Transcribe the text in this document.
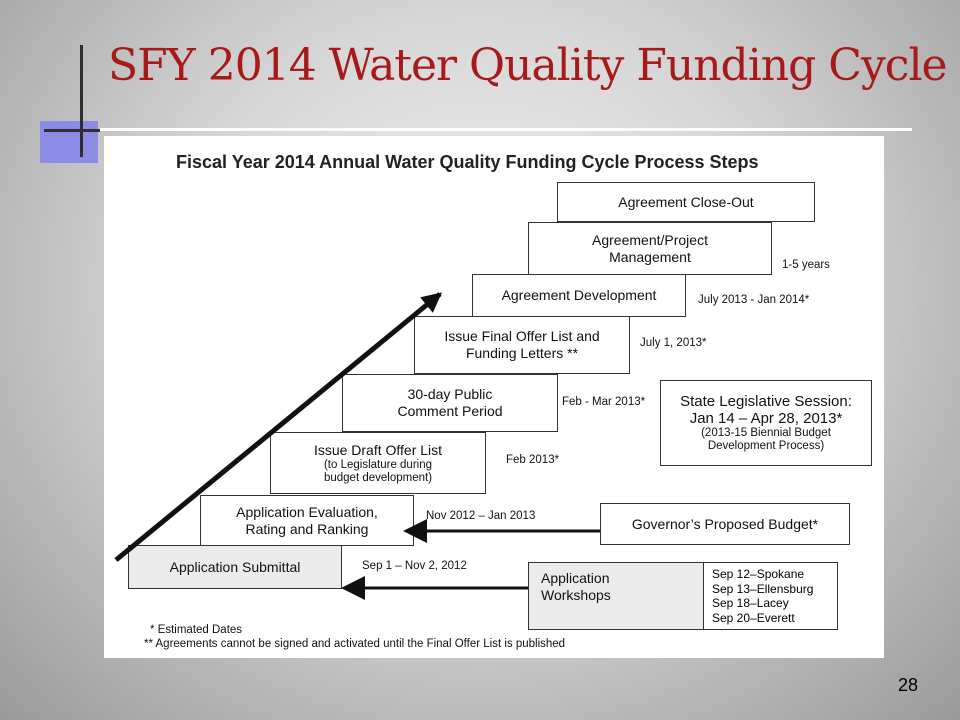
SFY 2014 Water Quality Funding Cycle
Fiscal Year 2014 Annual Water Quality Funding Cycle Process Steps
Application Submittal
Application Evaluation,
Rating and Ranking
Issue Draft Offer List
(to Legislature during
budget development)
30-day Public
Comment Period
Issue Final Offer List and
Funding Letters **
Agreement Development
Agreement/Project
Management
Agreement Close-Out
Sep 1 – Nov 2, 2012
Nov 2012 – Jan 2013
Feb 2013*
Feb - Mar 2013*
July 1, 2013*
July 2013 - Jan 2014*
1-5 years
State Legislative Session:
Jan 14 – Apr 28, 2013*
(2013-15 Biennial Budget
Development Process)
Governor’s Proposed Budget*
Application
Workshops
Sep 12–Spokane
Sep 13–Ellensburg
Sep 18–Lacey
Sep 20–Everett
* Estimated Dates
** Agreements cannot be signed and activated until the Final Offer List is published
28
